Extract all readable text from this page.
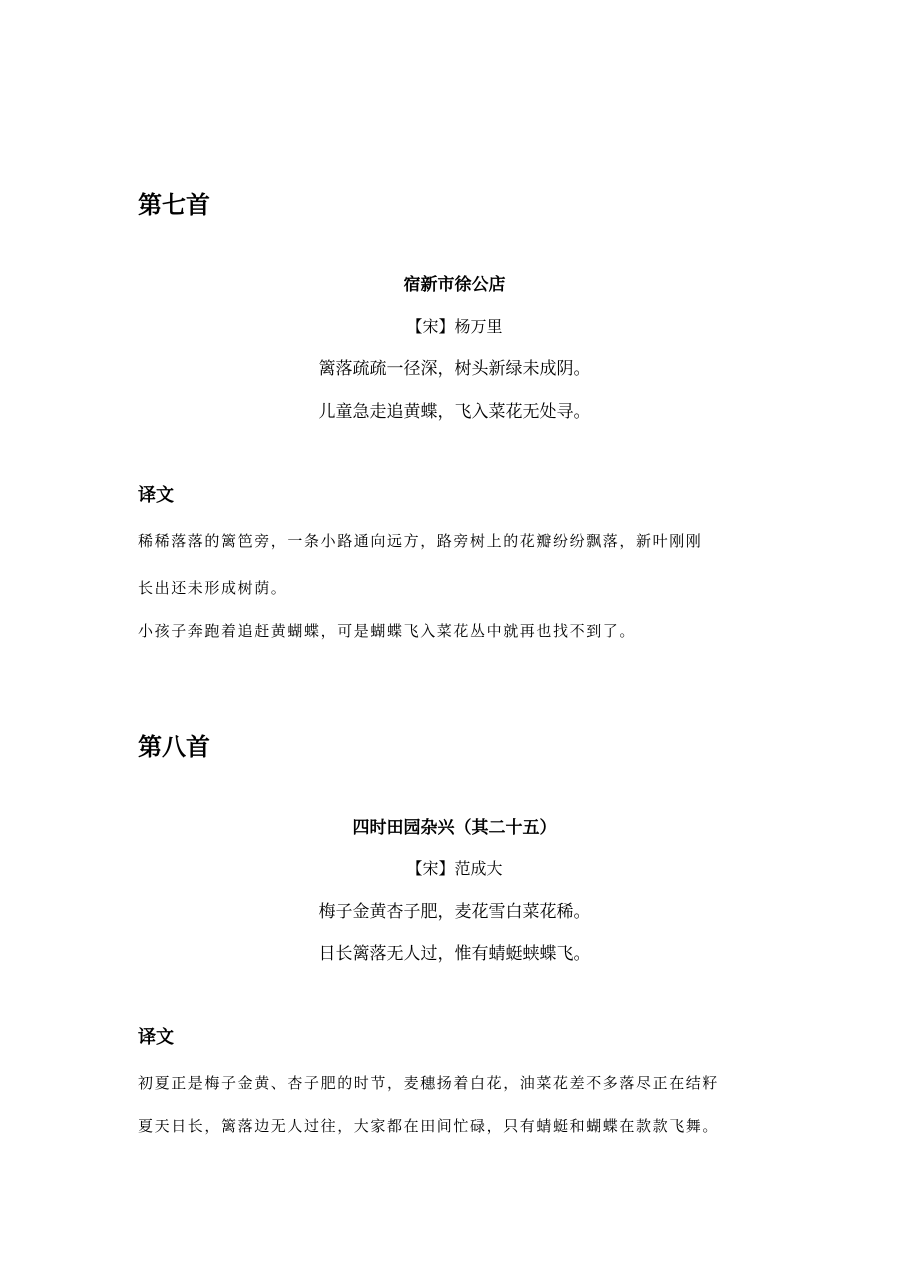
第七首
宿新市徐公店
【宋】杨万里
篱落疏疏一径深，树头新绿未成阴。
儿童急走追黄蝶，飞入菜花无处寻。
译文
稀稀落落的篱笆旁，一条小路通向远方，路旁树上的花瓣纷纷飘落，新叶刚刚
长出还未形成树荫。
小孩子奔跑着追赶黄蝴蝶，可是蝴蝶飞入菜花丛中就再也找不到了。
第八首
四时田园杂兴（其二十五）
【宋】范成大
梅子金黄杏子肥，麦花雪白菜花稀。
日长篱落无人过，惟有蜻蜓蛱蝶飞。
译文
初夏正是梅子金黄、杏子肥的时节，麦穗扬着白花，油菜花差不多落尽正在结籽
夏天日长，篱落边无人过往，大家都在田间忙碌，只有蜻蜓和蝴蝶在款款飞舞。
